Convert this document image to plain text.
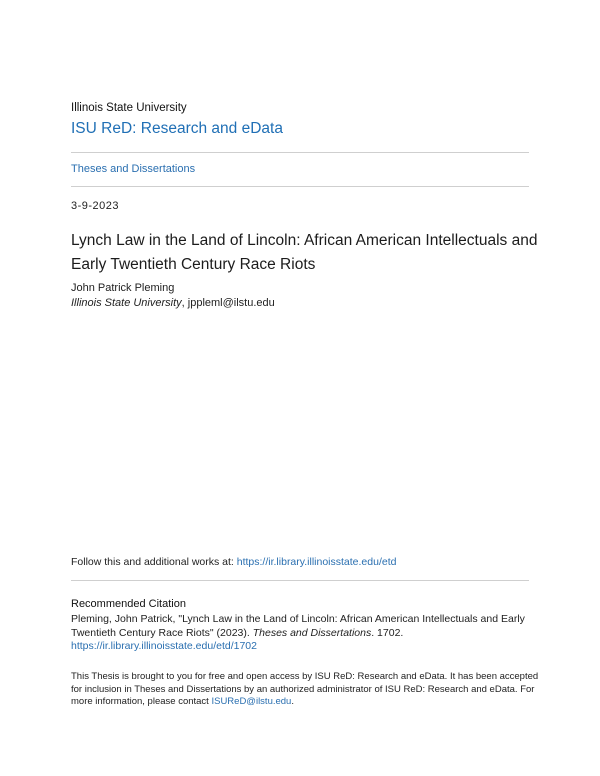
Illinois State University
ISU ReD: Research and eData
Theses and Dissertations
3-9-2023
Lynch Law in the Land of Lincoln: African American Intellectuals and Early Twentieth Century Race Riots
John Patrick Pleming
Illinois State University, jppleml@ilstu.edu
Follow this and additional works at: https://ir.library.illinoisstate.edu/etd
Recommended Citation
Pleming, John Patrick, "Lynch Law in the Land of Lincoln: African American Intellectuals and Early Twentieth Century Race Riots" (2023). Theses and Dissertations. 1702.
https://ir.library.illinoisstate.edu/etd/1702
This Thesis is brought to you for free and open access by ISU ReD: Research and eData. It has been accepted for inclusion in Theses and Dissertations by an authorized administrator of ISU ReD: Research and eData. For more information, please contact ISUReD@ilstu.edu.
